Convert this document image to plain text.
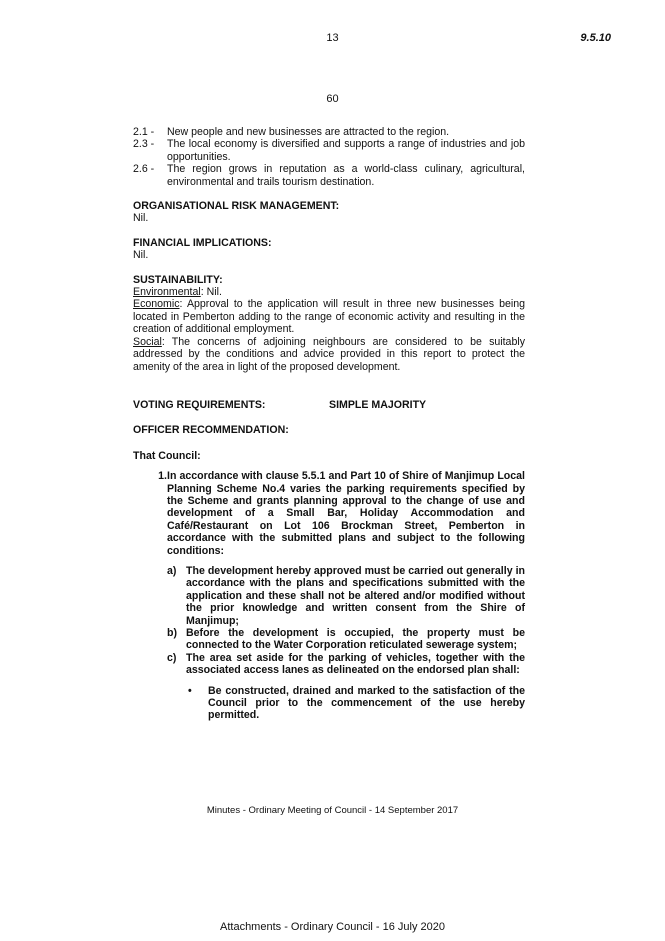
13	9.5.10
60
2.1 -	New people and new businesses are attracted to the region.
2.3 -	The local economy is diversified and supports a range of industries and job opportunities.
2.6 -	The region grows in reputation as a world-class culinary, agricultural, environmental and trails tourism destination.
ORGANISATIONAL RISK MANAGEMENT:
Nil.
FINANCIAL IMPLICATIONS:
Nil.
SUSTAINABILITY:
Environmental: Nil.
Economic: Approval to the application will result in three new businesses being located in Pemberton adding to the range of economic activity and resulting in the creation of additional employment.
Social: The concerns of adjoining neighbours are considered to be suitably addressed by the conditions and advice provided in this report to protect the amenity of the area in light of the proposed development.
VOTING REQUIREMENTS:	SIMPLE MAJORITY
OFFICER RECOMMENDATION:
That Council:
1. In accordance with clause 5.5.1 and Part 10 of Shire of Manjimup Local Planning Scheme No.4 varies the parking requirements specified by the Scheme and grants planning approval to the change of use and development of a Small Bar, Holiday Accommodation and Café/Restaurant on Lot 106 Brockman Street, Pemberton in accordance with the submitted plans and subject to the following conditions:
a) The development hereby approved must be carried out generally in accordance with the plans and specifications submitted with the application and these shall not be altered and/or modified without the prior knowledge and written consent from the Shire of Manjimup;
b) Before the development is occupied, the property must be connected to the Water Corporation reticulated sewerage system;
c) The area set aside for the parking of vehicles, together with the associated access lanes as delineated on the endorsed plan shall:
•	Be constructed, drained and marked to the satisfaction of the Council prior to the commencement of the use hereby permitted.
Minutes - Ordinary Meeting of Council - 14 September 2017
Attachments - Ordinary Council - 16 July 2020
